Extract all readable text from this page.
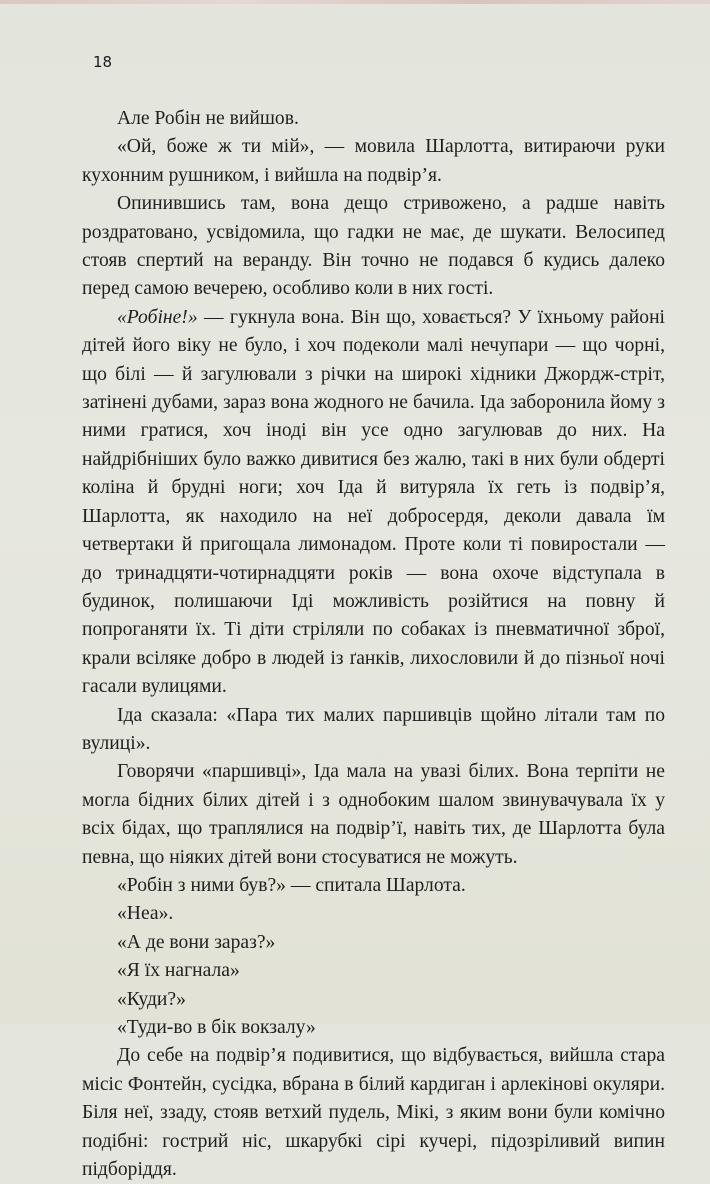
18

Але Робін не вийшов.

«Ой, боже ж ти мій», — мовила Шарлотта, витираючи руки кухонним рушником, і вийшла на подвір’я.

Опинившись там, вона дещо стривожено, а радше навіть роздратовано, усвідомила, що гадки не має, де шукати. Велосипед стояв спертий на веранду. Він точно не подався б кудись далеко перед самою вечерею, особливо коли в них гості.

«Робіне!» — гукнула вона. Він що, ховається? У їхньому районі дітей його віку не було, і хоч подеколи малі нечупари — що чорні, що білі — й загулювали з річки на широкі хідники Джордж-стріт, затінені дубами, зараз вона жодного не бачила. Іда заборонила йому з ними гратися, хоч іноді він усе одно загулював до них. На найдрібніших було важко дивитися без жалю, такі в них були обдерті коліна й брудні ноги; хоч Іда й витуряла їх геть із подвір’я, Шарлотта, як находило на неї добросердя, деколи давала їм четвертаки й пригощала лимонадом. Проте коли ті повиростали — до тринадцяти-чотирнадцяти років — вона охоче відступала в будинок, полишаючи Іді можливість розійтися на повну й попроганяти їх. Ті діти стріляли по собаках із пневматичної зброї, крали всіляке добро в людей із ґанків, лихословили й до пізньої ночі гасали вулицями.

Іда сказала: «Пара тих малих паршивців щойно літали там по вулиці».

Говорячи «паршивці», Іда мала на увазі білих. Вона терпіти не могла бідних білих дітей і з однобоким шалом звинувачувала їх у всіх бідах, що траплялися на подвір’ї, навіть тих, де Шарлотта була певна, що ніяких дітей вони стосуватися не можуть.

«Робін з ними був?» — спитала Шарлота.

«Неа».

«А де вони зараз?»

«Я їх нагнала»

«Куди?»

«Туди-во в бік вокзалу»

До себе на подвір’я подивитися, що відбувається, вийшла стара місіс Фонтейн, сусідка, вбрана в білий кардиган і арлекінові окуляри. Біля неї, ззаду, стояв ветхий пудель, Мікі, з яким вони були комічно подібні: гострий ніс, шкарубкі сірі кучері, підозріливий випин підборіддя.
